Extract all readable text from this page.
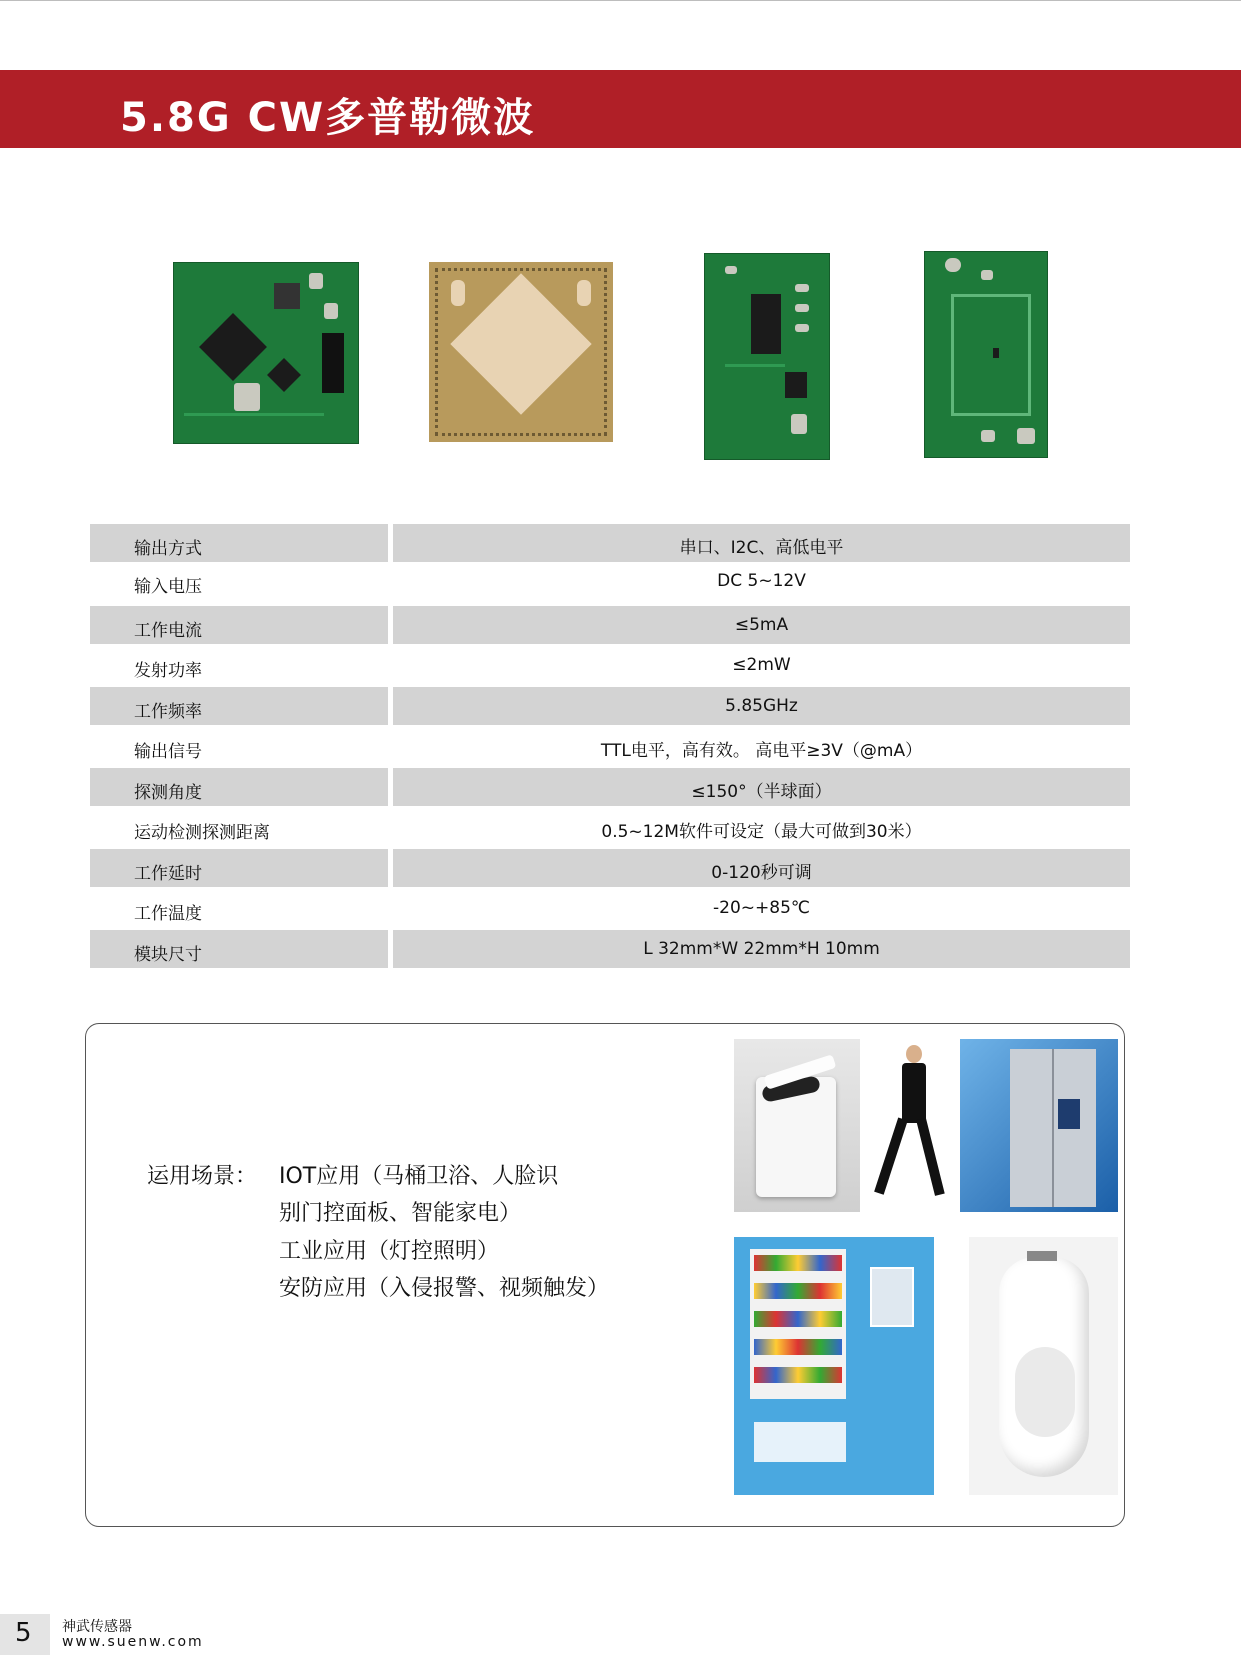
5.8G CW多普勒微波
输出方式	串口、I2C、高低电平
输入电压	DC 5~12V
工作电流	≤5mA
发射功率	≤2mW
工作频率	5.85GHz
输出信号	TTL电平，高有效。 高电平≥3V（@mA）
探测角度	≤150°（半球面）
运动检测探测距离	0.5~12M软件可设定（最大可做到30米）
工作延时	0-120秒可调
工作温度	-20~+85℃
模块尺寸	L 32mm*W 22mm*H 10mm
运用场景： IOT应用（马桶卫浴、人脸识
别门控面板、智能家电）
工业应用（灯控照明）
安防应用（入侵报警、视频触发）
5 神武传感器
www.suenw.com
